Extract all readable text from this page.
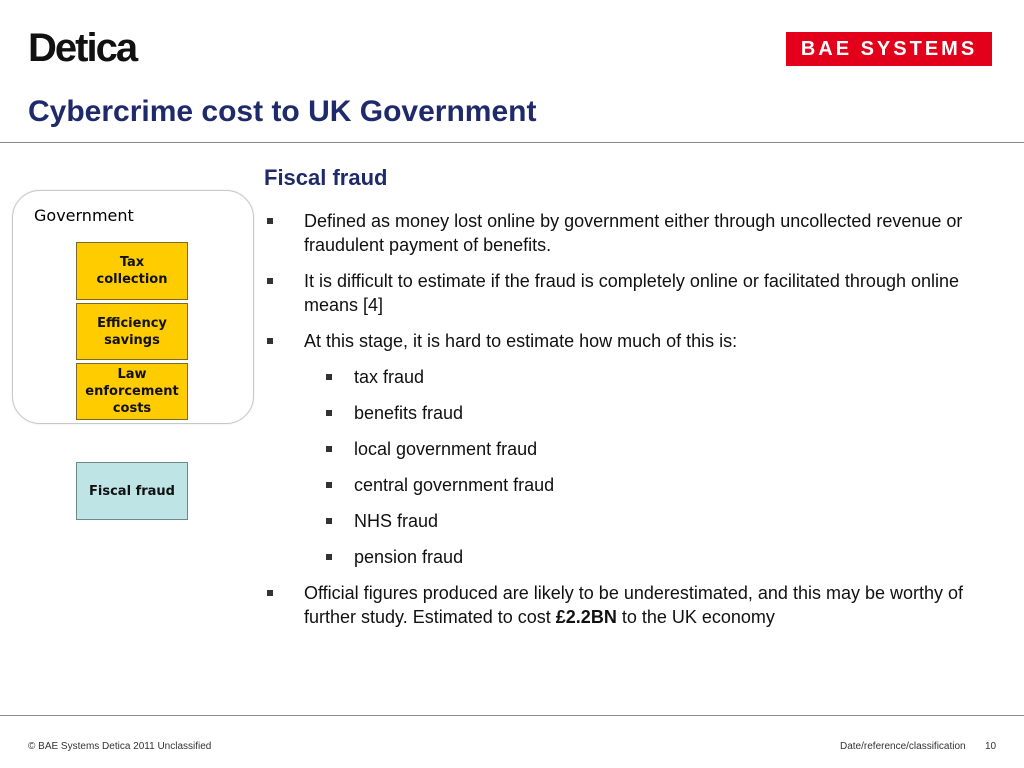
Detica	BAE SYSTEMS
Cybercrime cost to UK Government
Government
Tax
collection
Efficiency
savings
Law
enforcement
costs
Fiscal fraud
Fiscal fraud
Defined as money lost online by government either through uncollected revenue or fraudulent payment of benefits.
It is difficult to estimate if the fraud is completely online or facilitated through online means [4]
At this stage, it is hard to estimate how much of this is:
tax fraud
benefits fraud
local government fraud
central government fraud
NHS fraud
pension fraud
Official figures produced are likely to be underestimated, and this may be worthy of further study. Estimated to cost £2.2BN to the UK economy
© BAE Systems Detica 2011 Unclassified	Date/reference/classification 10
